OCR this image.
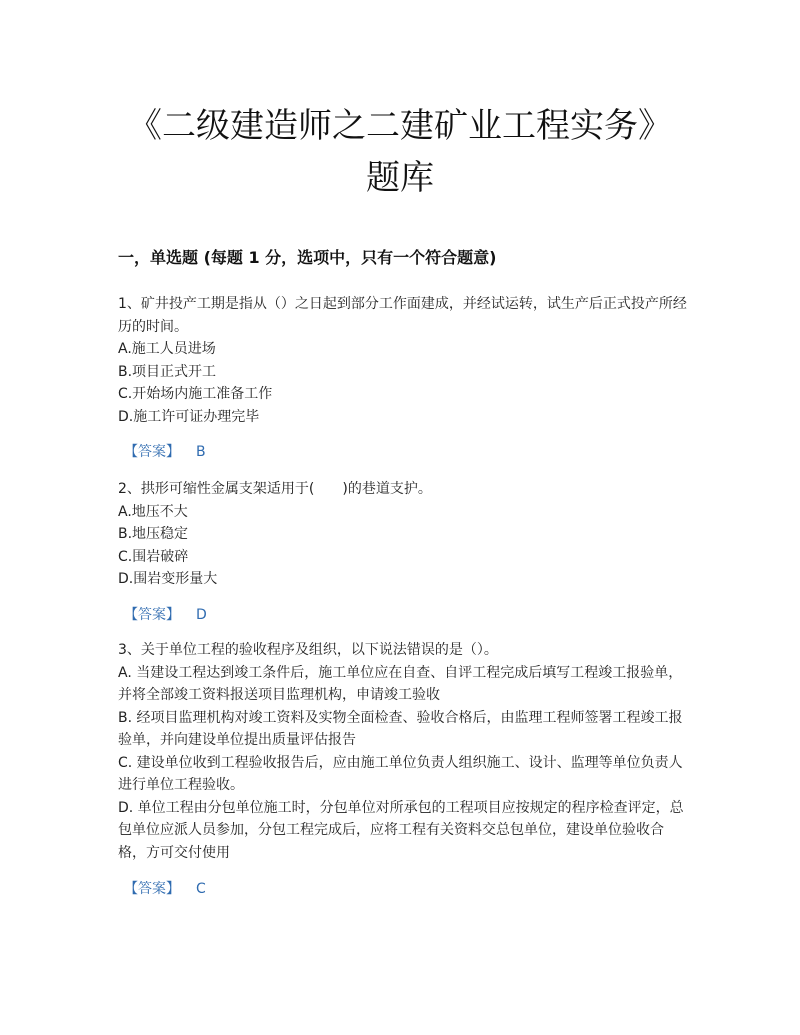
《二级建造师之二建矿业工程实务》
题库
一，单选题 (每题 1 分，选项中，只有一个符合题意)
1、矿井投产工期是指从（）之日起到部分工作面建成，并经试运转，试生产后正式投产所经历的时间。
A.施工人员进场
B.项目正式开工
C.开始场内施工准备工作
D.施工许可证办理完毕
【答案】 B
2、拱形可缩性金属支架适用于(　　)的巷道支护。
A.地压不大
B.地压稳定
C.围岩破碎
D.围岩变形量大
【答案】 D
3、关于单位工程的验收程序及组织，以下说法错误的是（）。
A. 当建设工程达到竣工条件后，施工单位应在自查、自评工程完成后填写工程竣工报验单，并将全部竣工资料报送项目监理机构，申请竣工验收
B. 经项目监理机构对竣工资料及实物全面检查、验收合格后，由监理工程师签署工程竣工报验单，并向建设单位提出质量评估报告
C. 建设单位收到工程验收报告后，应由施工单位负责人组织施工、设计、监理等单位负责人进行单位工程验收。
D. 单位工程由分包单位施工时，分包单位对所承包的工程项目应按规定的程序检查评定，总包单位应派人员参加，分包工程完成后，应将工程有关资料交总包单位，建设单位验收合格，方可交付使用
【答案】 C
